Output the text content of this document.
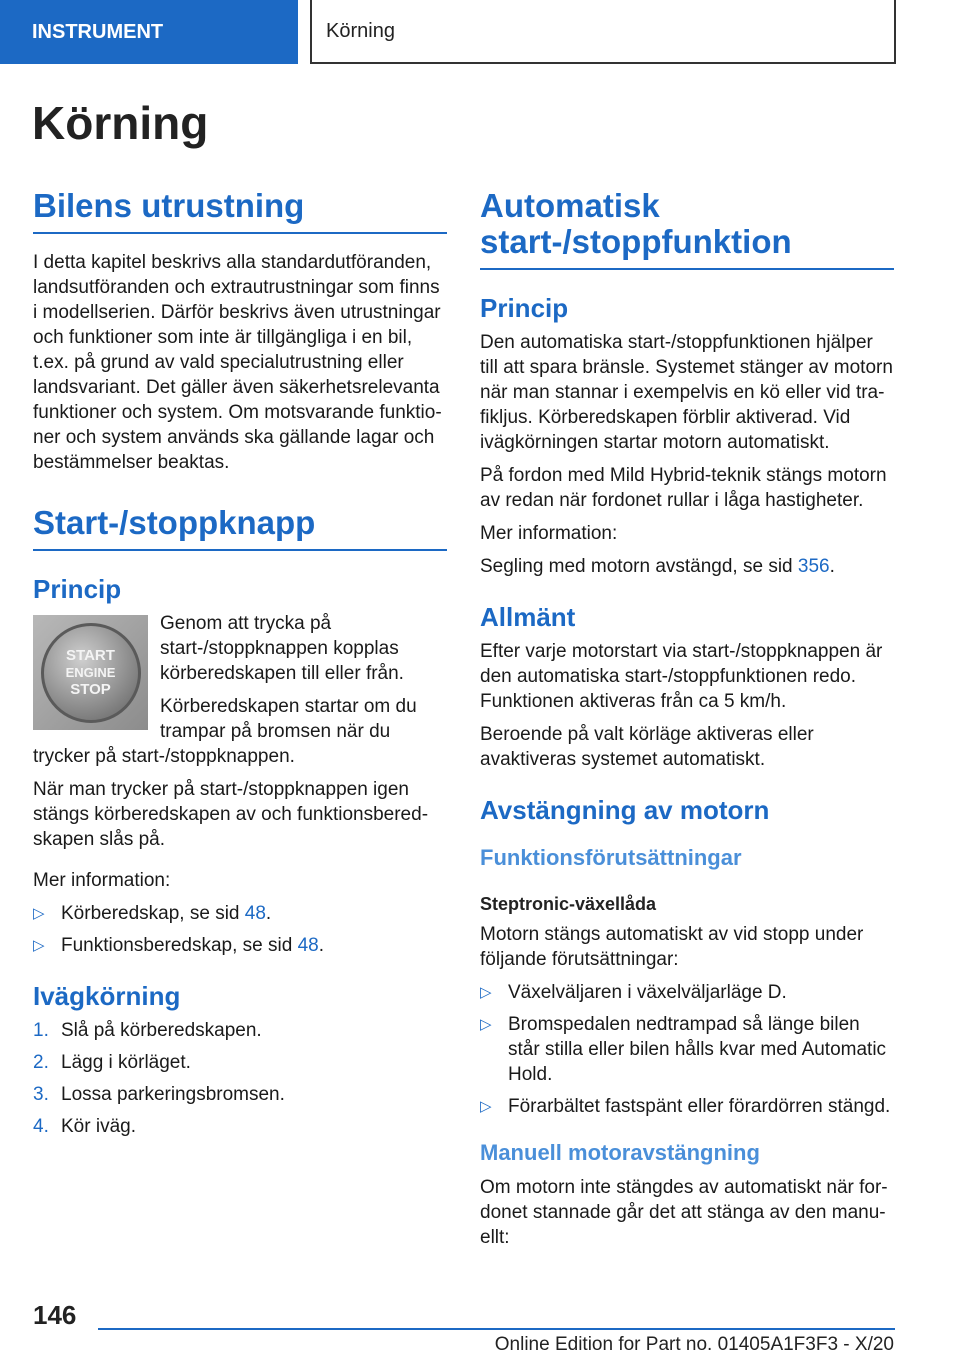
INSTRUMENT	Körning
Körning
Bilens utrustning

I detta kapitel beskrivs alla standardutföranden, landsutföranden och extrautrustningar som finns i modellserien. Därför beskrivs även utrustningar och funktioner som inte är tillgängliga i en bil, t.ex. på grund av vald specialutrustning eller landsvariant. Det gäller även säkerhetsrelevanta funktioner och system. Om motsvarande funktioner och system används ska gällande lagar och bestämmelser beaktas.

Start-/stoppknapp
Princip
START
ENGINE
STOP

Genom att trycka på start-/stoppknappen kopplas körberedskapen till eller från.

Körberedskapen startar om du trampar på bromsen när du trycker på start-/stoppknappen.

När man trycker på start-/stoppknappen igen stängs körberedskapen av och funktionsberedskapen slås på.

Mer information:

▷ Körberedskap, se sid 48.
▷ Funktionsberedskap, se sid 48.
Ivägkörning
1. Slå på körberedskapen.
2. Lägg i körläget.
3. Lossa parkeringsbromsen.
4. Kör iväg.
Automatisk start-/stoppfunktion
Princip

Den automatiska start-/stoppfunktionen hjälper till att spara bränsle. Systemet stänger av motorn när man stannar i exempelvis en kö eller vid trafikljus. Körberedskapen förblir aktiverad. Vid ivägkörningen startar motorn automatiskt.

På fordon med Mild Hybrid-teknik stängs motorn av redan när fordonet rullar i låga hastigheter.

Mer information:

Segling med motorn avstängd, se sid 356.

Allmänt

Efter varje motorstart via start-/stoppknappen är den automatiska start-/stoppfunktionen redo. Funktionen aktiveras från ca 5 km/h.

Beroende på valt körläge aktiveras eller avaktiveras systemet automatiskt.

Avstängning av motorn
Funktionsförutsättningar
Steptronic-växellåda

Motorn stängs automatiskt av vid stopp under följande förutsättningar:

▷ Växelväljaren i växelväljarläge D.
▷ Bromspedalen nedtrampad så länge bilen står stilla eller bilen hålls kvar med Automatic Hold.
▷ Förarbältet fastspänt eller förardörren stängd.
Manuell motoravstängning

Om motorn inte stängdes av automatiskt när fordonet stannade går det att stänga av den manuellt:

146
Online Edition for Part no. 01405A1F3F3 - X/20
